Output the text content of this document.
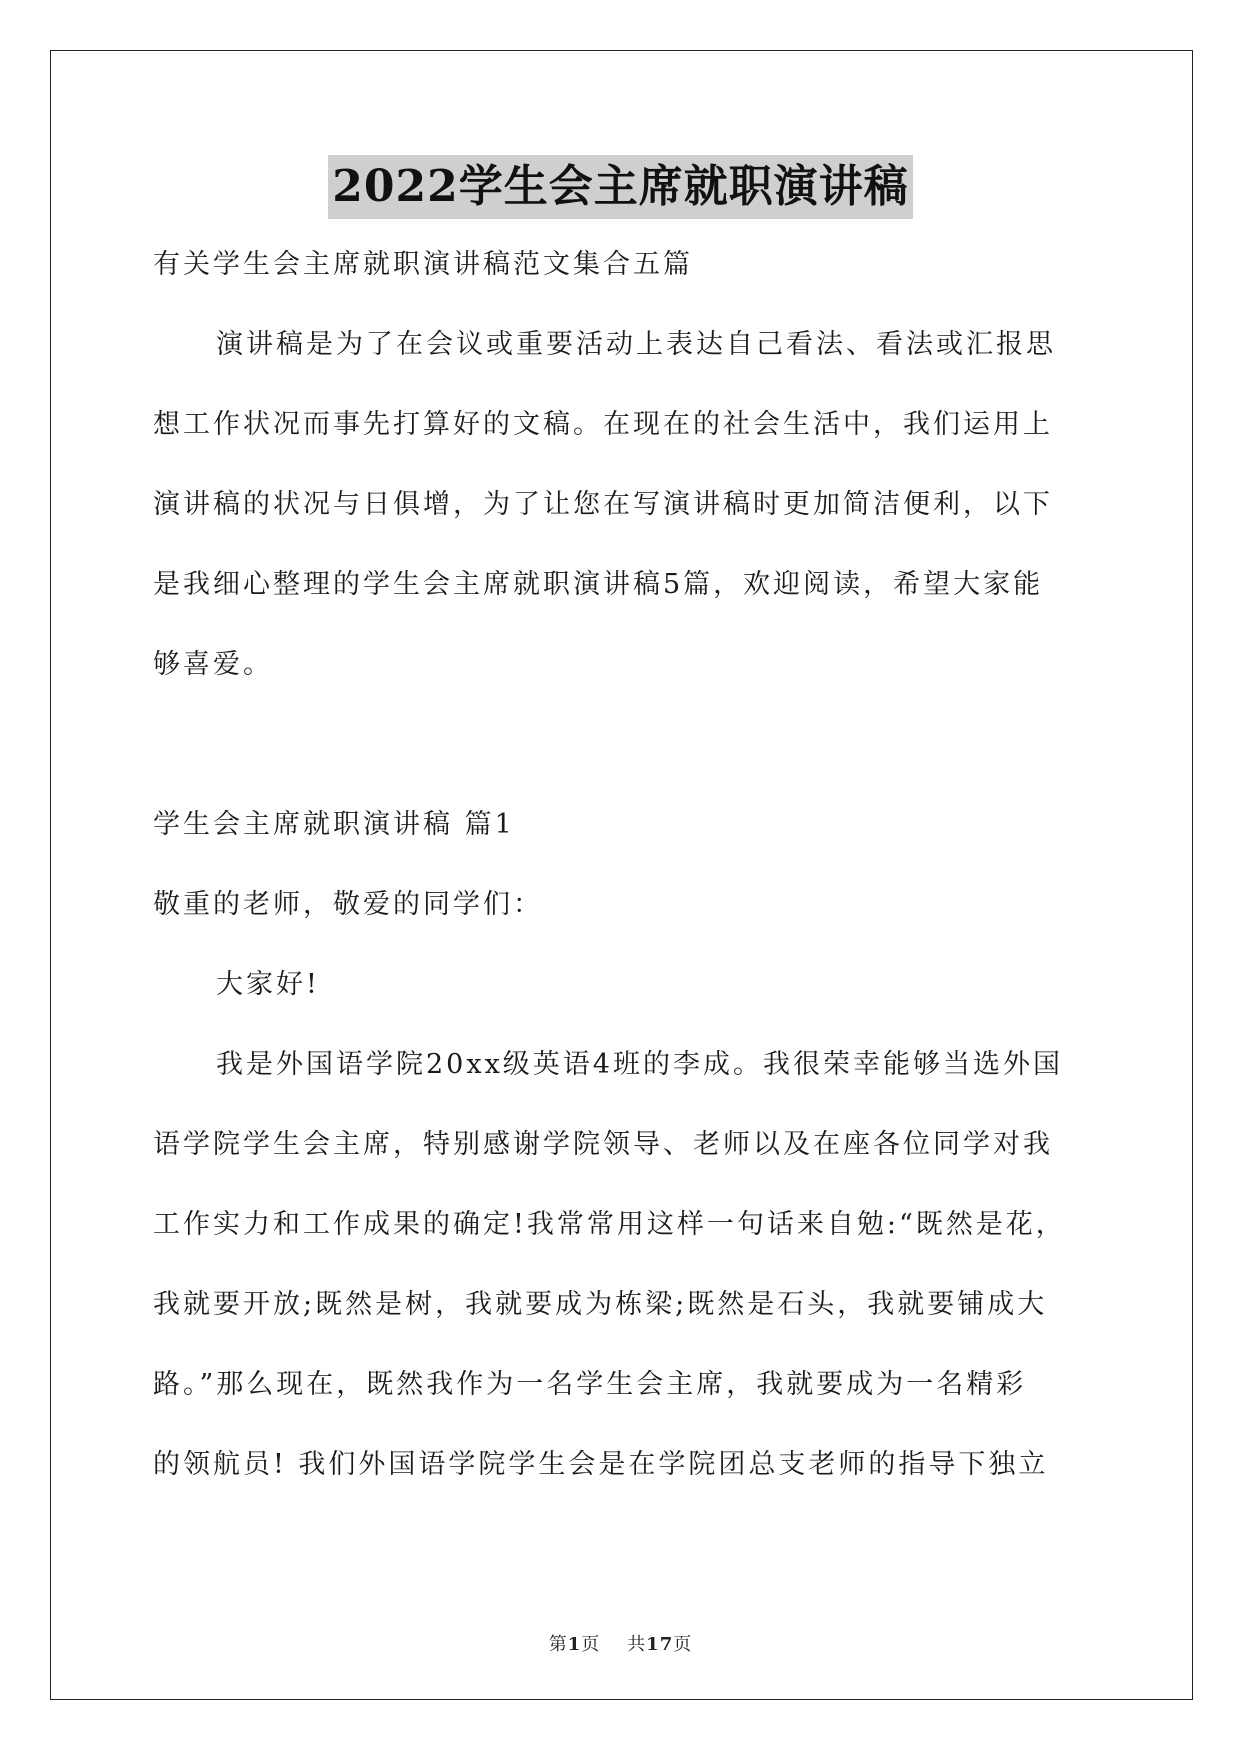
2022学生会主席就职演讲稿
有关学生会主席就职演讲稿范文集合五篇
演讲稿是为了在会议或重要活动上表达自己看法、看法或汇报思
想工作状况而事先打算好的文稿。在现在的社会生活中，我们运用上
演讲稿的状况与日俱增，为了让您在写演讲稿时更加简洁便利，以下
是我细心整理的学生会主席就职演讲稿5篇，欢迎阅读，希望大家能
够喜爱。
学生会主席就职演讲稿 篇1
敬重的老师，敬爱的同学们：
大家好!
我是外国语学院20xx级英语4班的李成。我很荣幸能够当选外国
语学院学生会主席，特别感谢学院领导、老师以及在座各位同学对我
工作实力和工作成果的确定!我常常用这样一句话来自勉:“既然是花，
我就要开放;既然是树，我就要成为栋梁;既然是石头，我就要铺成大
路。”那么现在，既然我作为一名学生会主席，我就要成为一名精彩
的领航员! 我们外国语学院学生会是在学院团总支老师的指导下独立
第1页 共17页
